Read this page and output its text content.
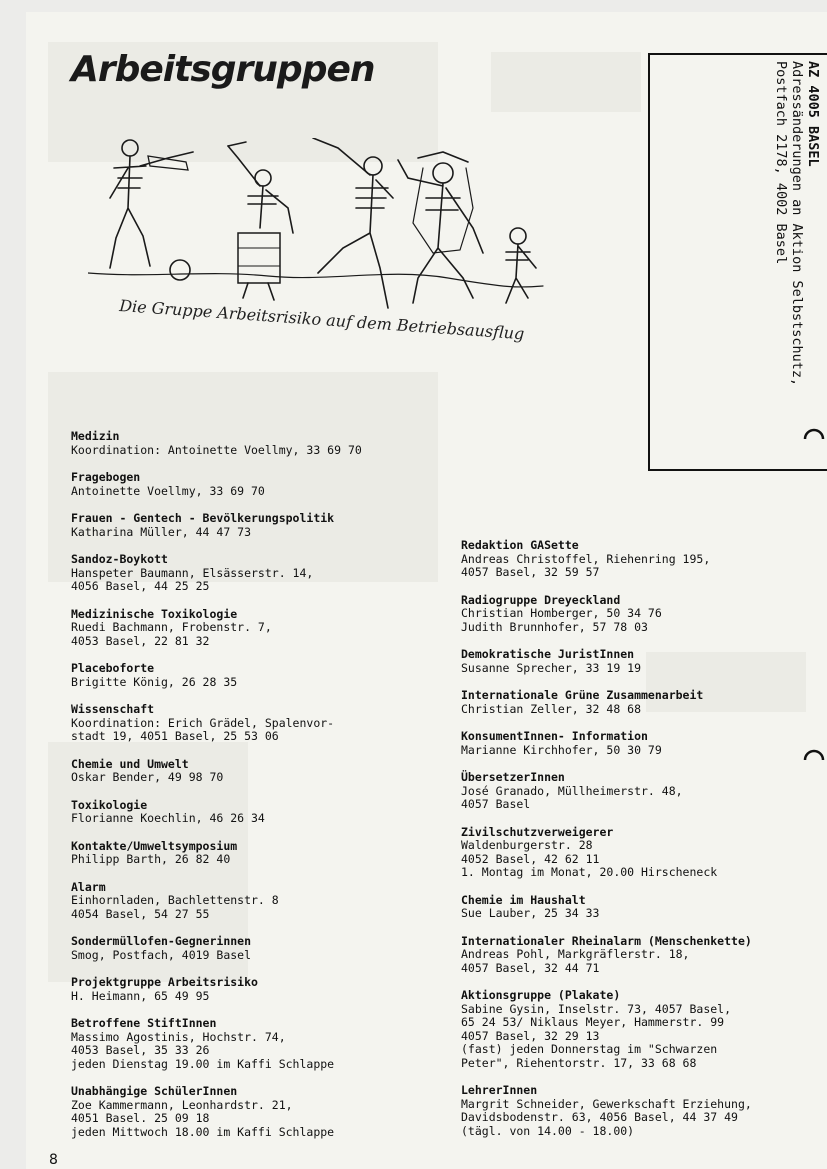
Arbeitsgruppen
Die Gruppe Arbeitsrisiko auf dem Betriebsausflug
AZ 4005 BASEL
Adressänderungen an Aktion Selbstschutz,
Postfach 2178, 4002 Basel
Medizin
Koordination: Antoinette Voellmy, 33 69 70
Fragebogen
Antoinette Voellmy, 33 69 70
Frauen - Gentech - Bevölkerungspolitik
Katharina Müller, 44 47 73
Sandoz-Boykott
Hanspeter Baumann, Elsässerstr. 14,
4056 Basel, 44 25 25
Medizinische Toxikologie
Ruedi Bachmann, Frobenstr. 7,
4053 Basel, 22 81 32
Placeboforte
Brigitte König, 26 28 35
Wissenschaft
Koordination: Erich Grädel, Spalenvor-
stadt 19, 4051 Basel, 25 53 06
Chemie und Umwelt
Oskar Bender, 49 98 70
Toxikologie
Florianne Koechlin, 46 26 34
Kontakte/Umweltsymposium
Philipp Barth, 26 82 40
Alarm
Einhornladen, Bachlettenstr. 8
4054 Basel, 54 27 55
Sondermüllofen-Gegnerinnen
Smog, Postfach, 4019 Basel
Projektgruppe Arbeitsrisiko
H. Heimann, 65 49 95
Betroffene StiftInnen
Massimo Agostinis, Hochstr. 74,
4053 Basel, 35 33 26
jeden Dienstag 19.00 im Kaffi Schlappe
Unabhängige SchülerInnen
Zoe Kammermann, Leonhardstr. 21,
4051 Basel. 25 09 18
jeden Mittwoch 18.00 im Kaffi Schlappe
Redaktion GASette
Andreas Christoffel, Riehenring 195,
4057 Basel, 32 59 57
Radiogruppe Dreyeckland
Christian Homberger, 50 34 76
Judith Brunnhofer, 57 78 03
Demokratische JuristInnen
Susanne Sprecher, 33 19 19
Internationale Grüne Zusammenarbeit
Christian Zeller, 32 48 68
KonsumentInnen- Information
Marianne Kirchhofer, 50 30 79
ÜbersetzerInnen
José Granado, Müllheimerstr. 48,
4057 Basel
Zivilschutzverweigerer
Waldenburgerstr. 28
4052 Basel, 42 62 11
1. Montag im Monat, 20.00 Hirscheneck
Chemie im Haushalt
Sue Lauber, 25 34 33
Internationaler Rheinalarm (Menschenkette)
Andreas Pohl, Markgräflerstr. 18,
4057 Basel, 32 44 71
Aktionsgruppe (Plakate)
Sabine Gysin, Inselstr. 73, 4057 Basel,
65 24 53/ Niklaus Meyer, Hammerstr. 99
4057 Basel, 32 29 13
(fast) jeden Donnerstag im "Schwarzen
Peter", Riehentorstr. 17, 33 68 68
LehrerInnen
Margrit Schneider, Gewerkschaft Erziehung,
Davidsbodenstr. 63, 4056 Basel, 44 37 49
(tägl. von 14.00 - 18.00)
8
